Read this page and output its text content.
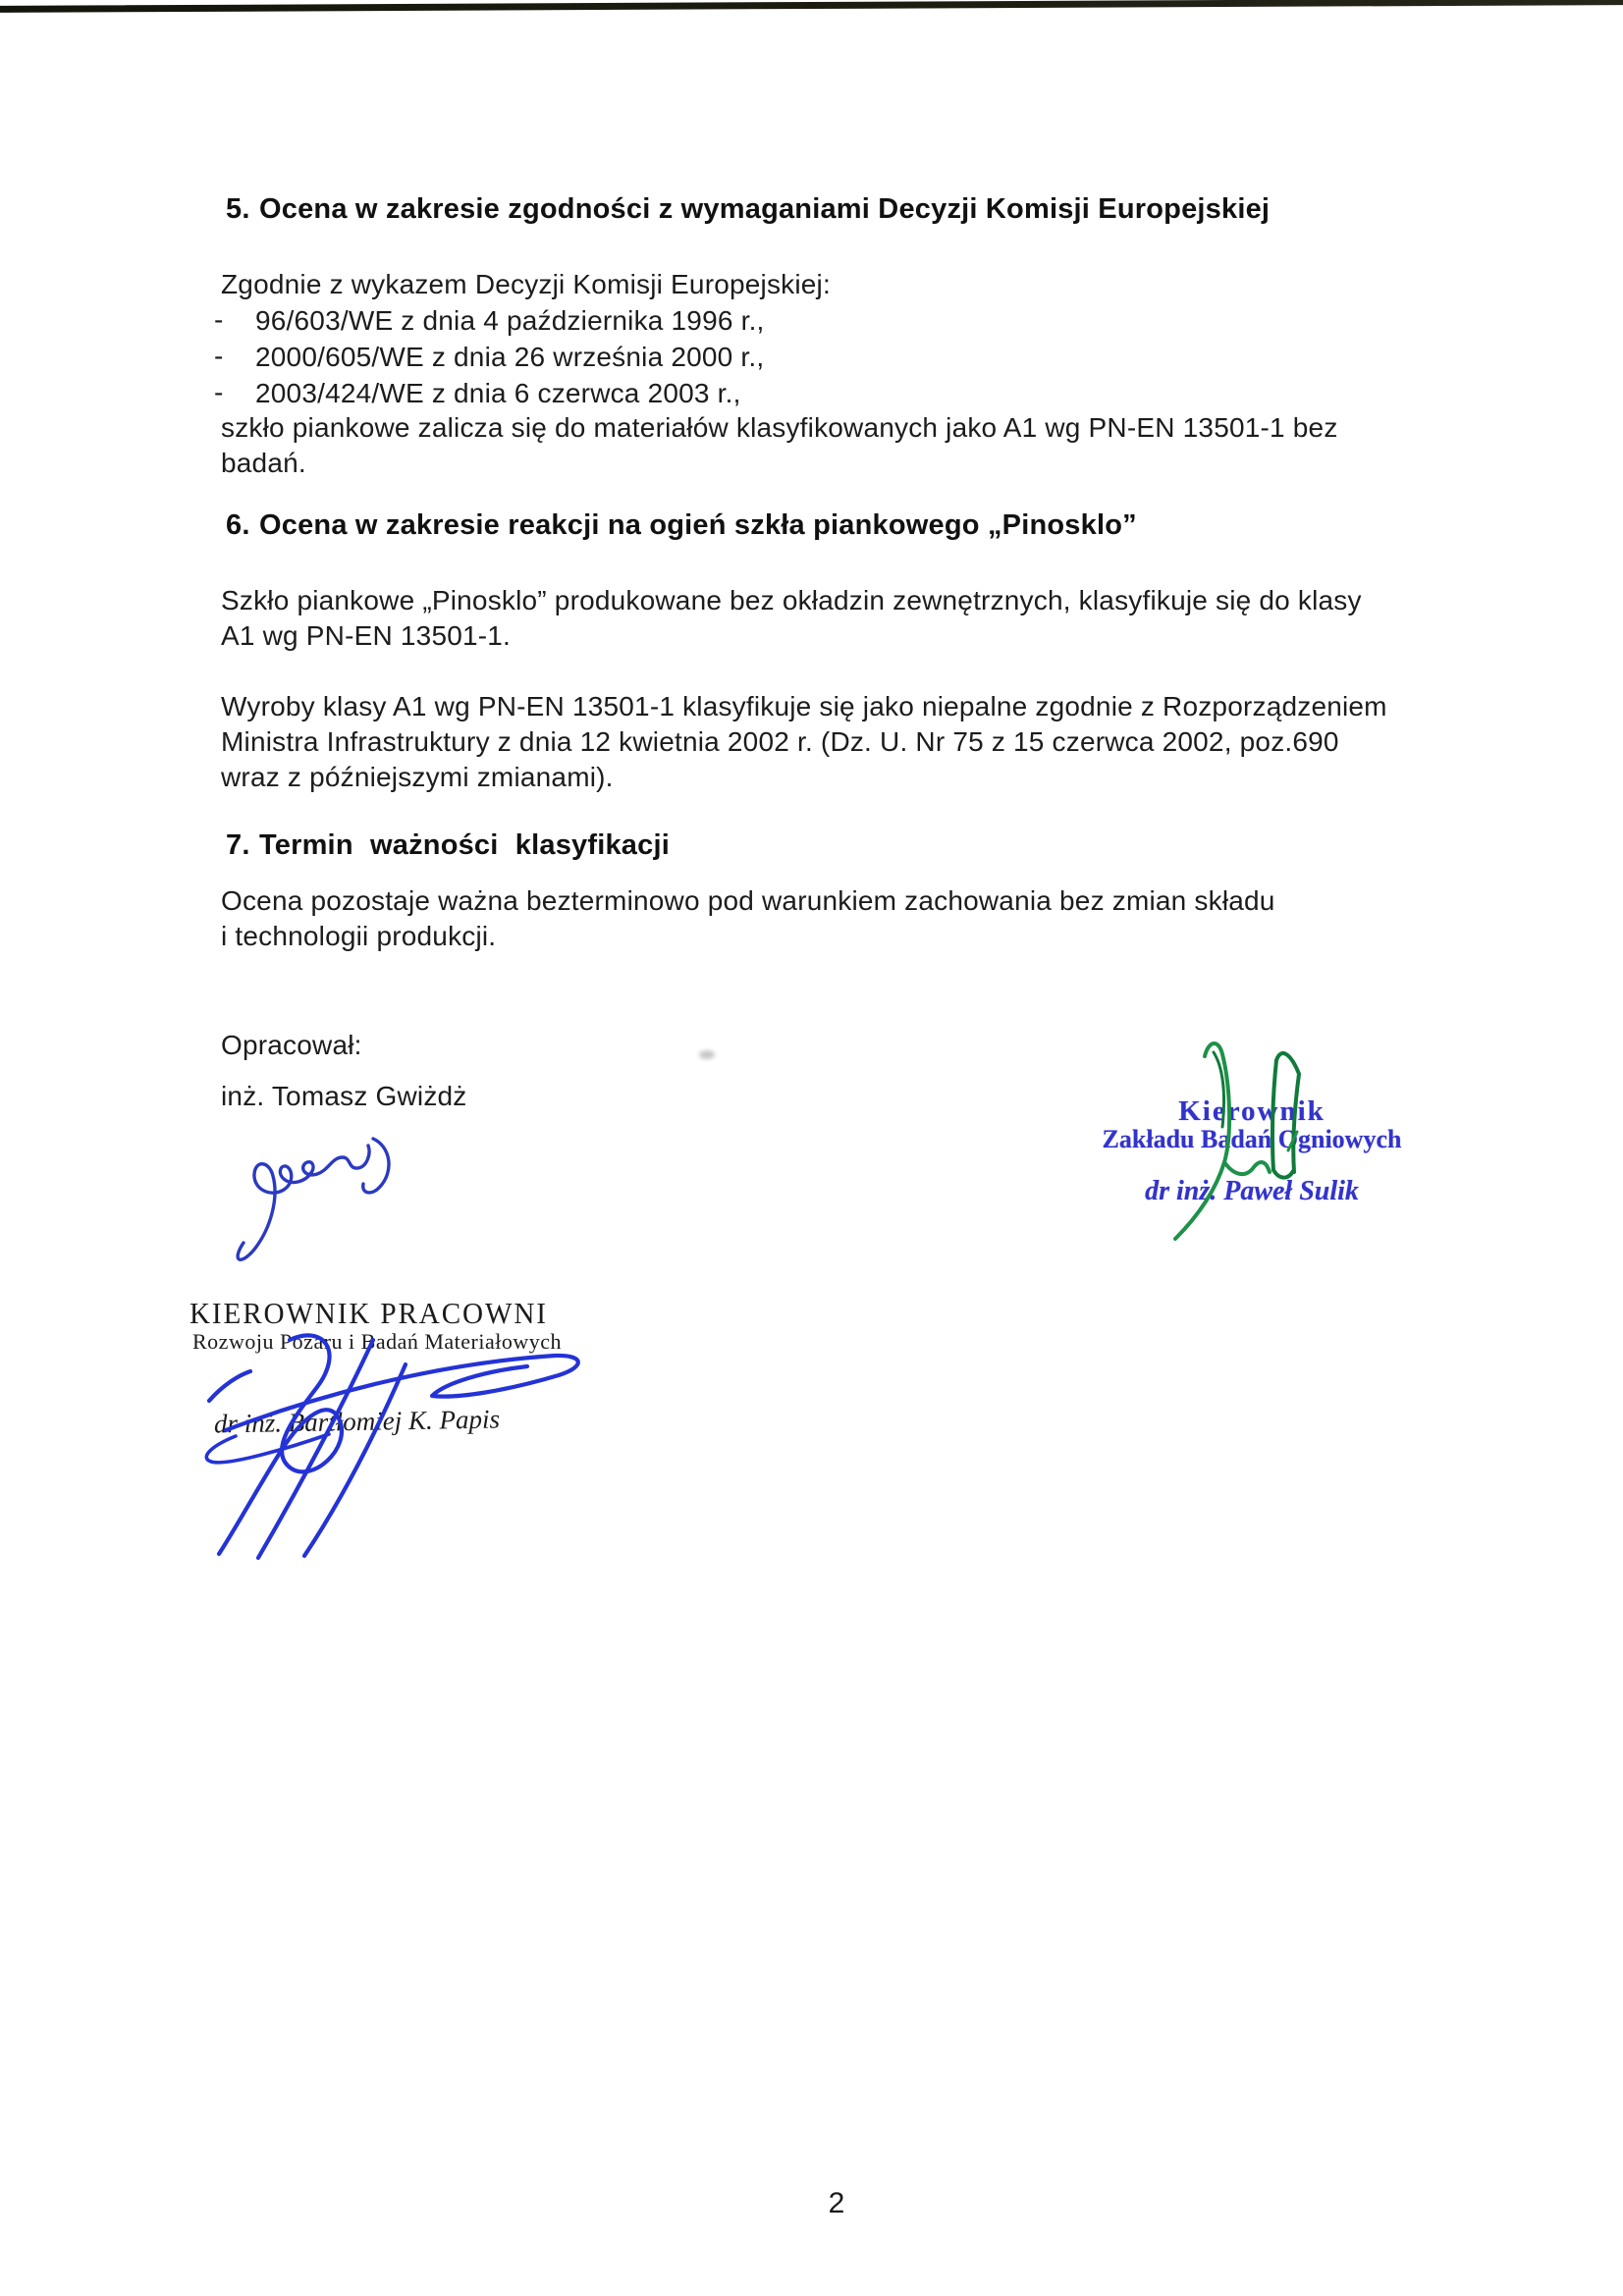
5. Ocena w zakresie zgodności z wymaganiami Decyzji Komisji Europejskiej
Zgodnie z wykazem Decyzji Komisji Europejskiej:
- 96/603/WE z dnia 4 października 1996 r.,
- 2000/605/WE z dnia 26 września 2000 r.,
- 2003/424/WE z dnia 6 czerwca 2003 r.,
szkło piankowe zalicza się do materiałów klasyfikowanych jako A1 wg PN-EN 13501-1 bez
badań.
6. Ocena w zakresie reakcji na ogień szkła piankowego „Pinosklo”
Szkło piankowe „Pinosklo” produkowane bez okładzin zewnętrznych, klasyfikuje się do klasy
A1 wg PN-EN 13501-1.
Wyroby klasy A1 wg PN-EN 13501-1 klasyfikuje się jako niepalne zgodnie z Rozporządzeniem
Ministra Infrastruktury z dnia 12 kwietnia 2002 r. (Dz. U. Nr 75 z 15 czerwca 2002, poz.690
wraz z późniejszymi zmianami).
7. Termin ważności klasyfikacji
Ocena pozostaje ważna bezterminowo pod warunkiem zachowania bez zmian składu
i technologii produkcji.
Opracował:
inż. Tomasz Gwiżdż	Kierownik
Zakładu Badań Ogniowych
dr inż. Paweł Sulik
KIEROWNIK PRACOWNI
Rozwoju Pożaru i Badań Materiałowych
dr inż. Bartłomiej K. Papis
2
